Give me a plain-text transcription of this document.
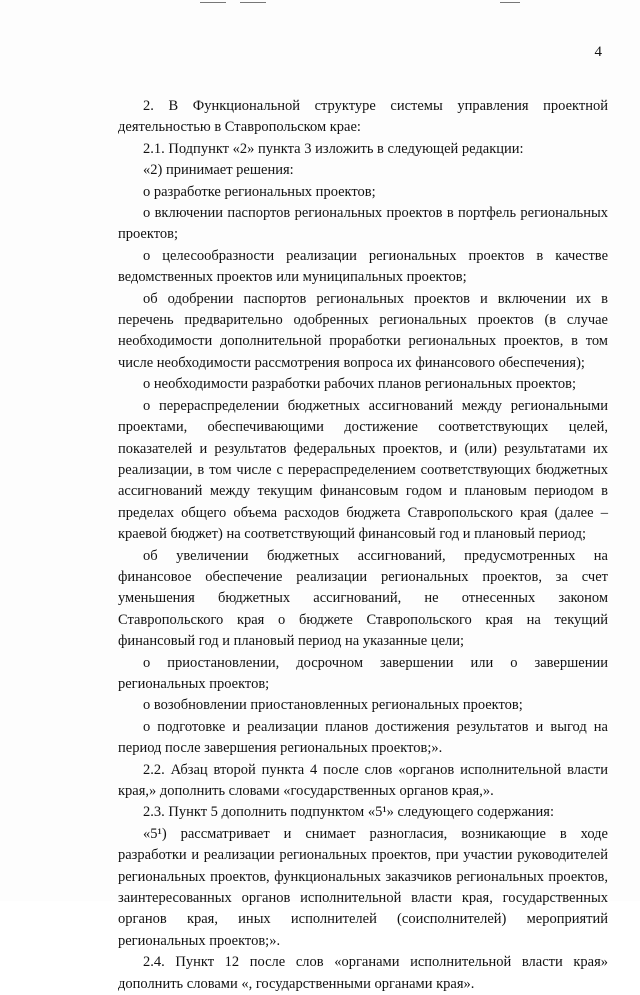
4

2. В Функциональной структуре системы управления проектной деятельностью в Ставропольском крае:

2.1. Подпункт «2» пункта 3 изложить в следующей редакции:

«2) принимает решения:

о разработке региональных проектов;

о включении паспортов региональных проектов в портфель региональных проектов;

о целесообразности реализации региональных проектов в качестве ведомственных проектов или муниципальных проектов;

об одобрении паспортов региональных проектов и включении их в перечень предварительно одобренных региональных проектов (в случае необходимости дополнительной проработки региональных проектов, в том числе необходимости рассмотрения вопроса их финансового обеспечения);

о необходимости разработки рабочих планов региональных проектов;

о перераспределении бюджетных ассигнований между региональными проектами, обеспечивающими достижение соответствующих целей, показателей и результатов федеральных проектов, и (или) результатами их реализации, в том числе с перераспределением соответствующих бюджетных ассигнований между текущим финансовым годом и плановым периодом в пределах общего объема расходов бюджета Ставропольского края (далее – краевой бюджет) на соответствующий финансовый год и плановый период;

об увеличении бюджетных ассигнований, предусмотренных на финансовое обеспечение реализации региональных проектов, за счет уменьшения бюджетных ассигнований, не отнесенных законом Ставропольского края о бюджете Ставропольского края на текущий финансовый год и плановый период на указанные цели;

о приостановлении, досрочном завершении или о завершении региональных проектов;

о возобновлении приостановленных региональных проектов;

о подготовке и реализации планов достижения результатов и выгод на период после завершения региональных проектов;».

2.2. Абзац второй пункта 4 после слов «органов исполнительной власти края,» дополнить словами «государственных органов края,».

2.3. Пункт 5 дополнить подпунктом «5¹» следующего содержания:

«5¹) рассматривает и снимает разногласия, возникающие в ходе разработки и реализации региональных проектов, при участии руководителей региональных проектов, функциональных заказчиков региональных проектов, заинтересованных органов исполнительной власти края, государственных органов края, иных исполнителей (соисполнителей) мероприятий региональных проектов;».

2.4. Пункт 12 после слов «органами исполнительной власти края» дополнить словами «, государственными органами края».
